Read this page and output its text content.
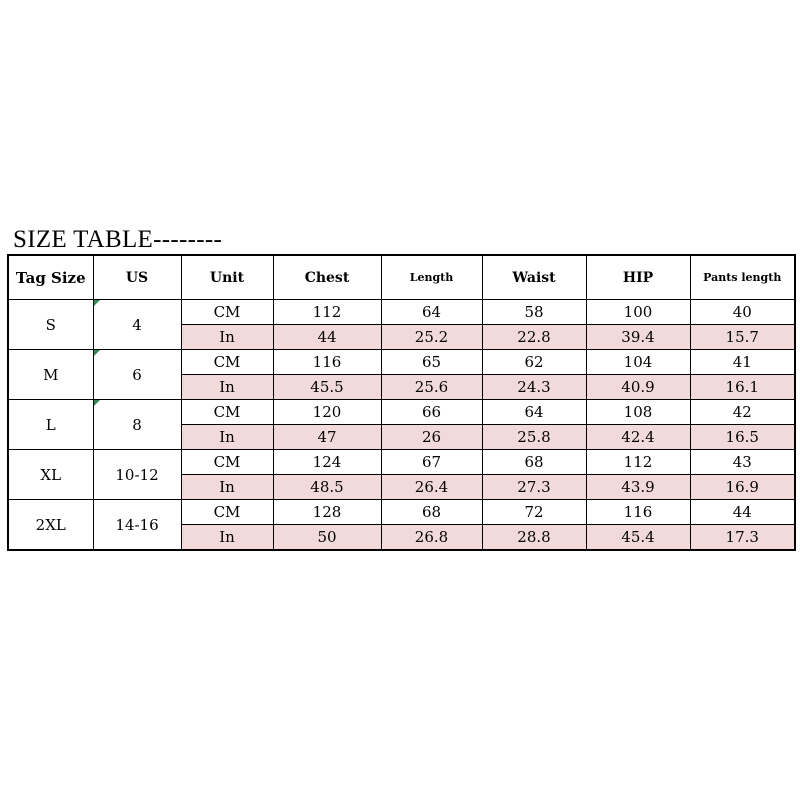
SIZE TABLE--------
Tag Size	US	Unit	Chest	Length	Waist	HIP	Pants length
S	4	CM	112	64	58	100	40
		In	44	25.2	22.8	39.4	15.7
M	6	CM	116	65	62	104	41
		In	45.5	25.6	24.3	40.9	16.1
L	8	CM	120	66	64	108	42
		In	47	26	25.8	42.4	16.5
XL	10-12	CM	124	67	68	112	43
		In	48.5	26.4	27.3	43.9	16.9
2XL	14-16	CM	128	68	72	116	44
		In	50	26.8	28.8	45.4	17.3
